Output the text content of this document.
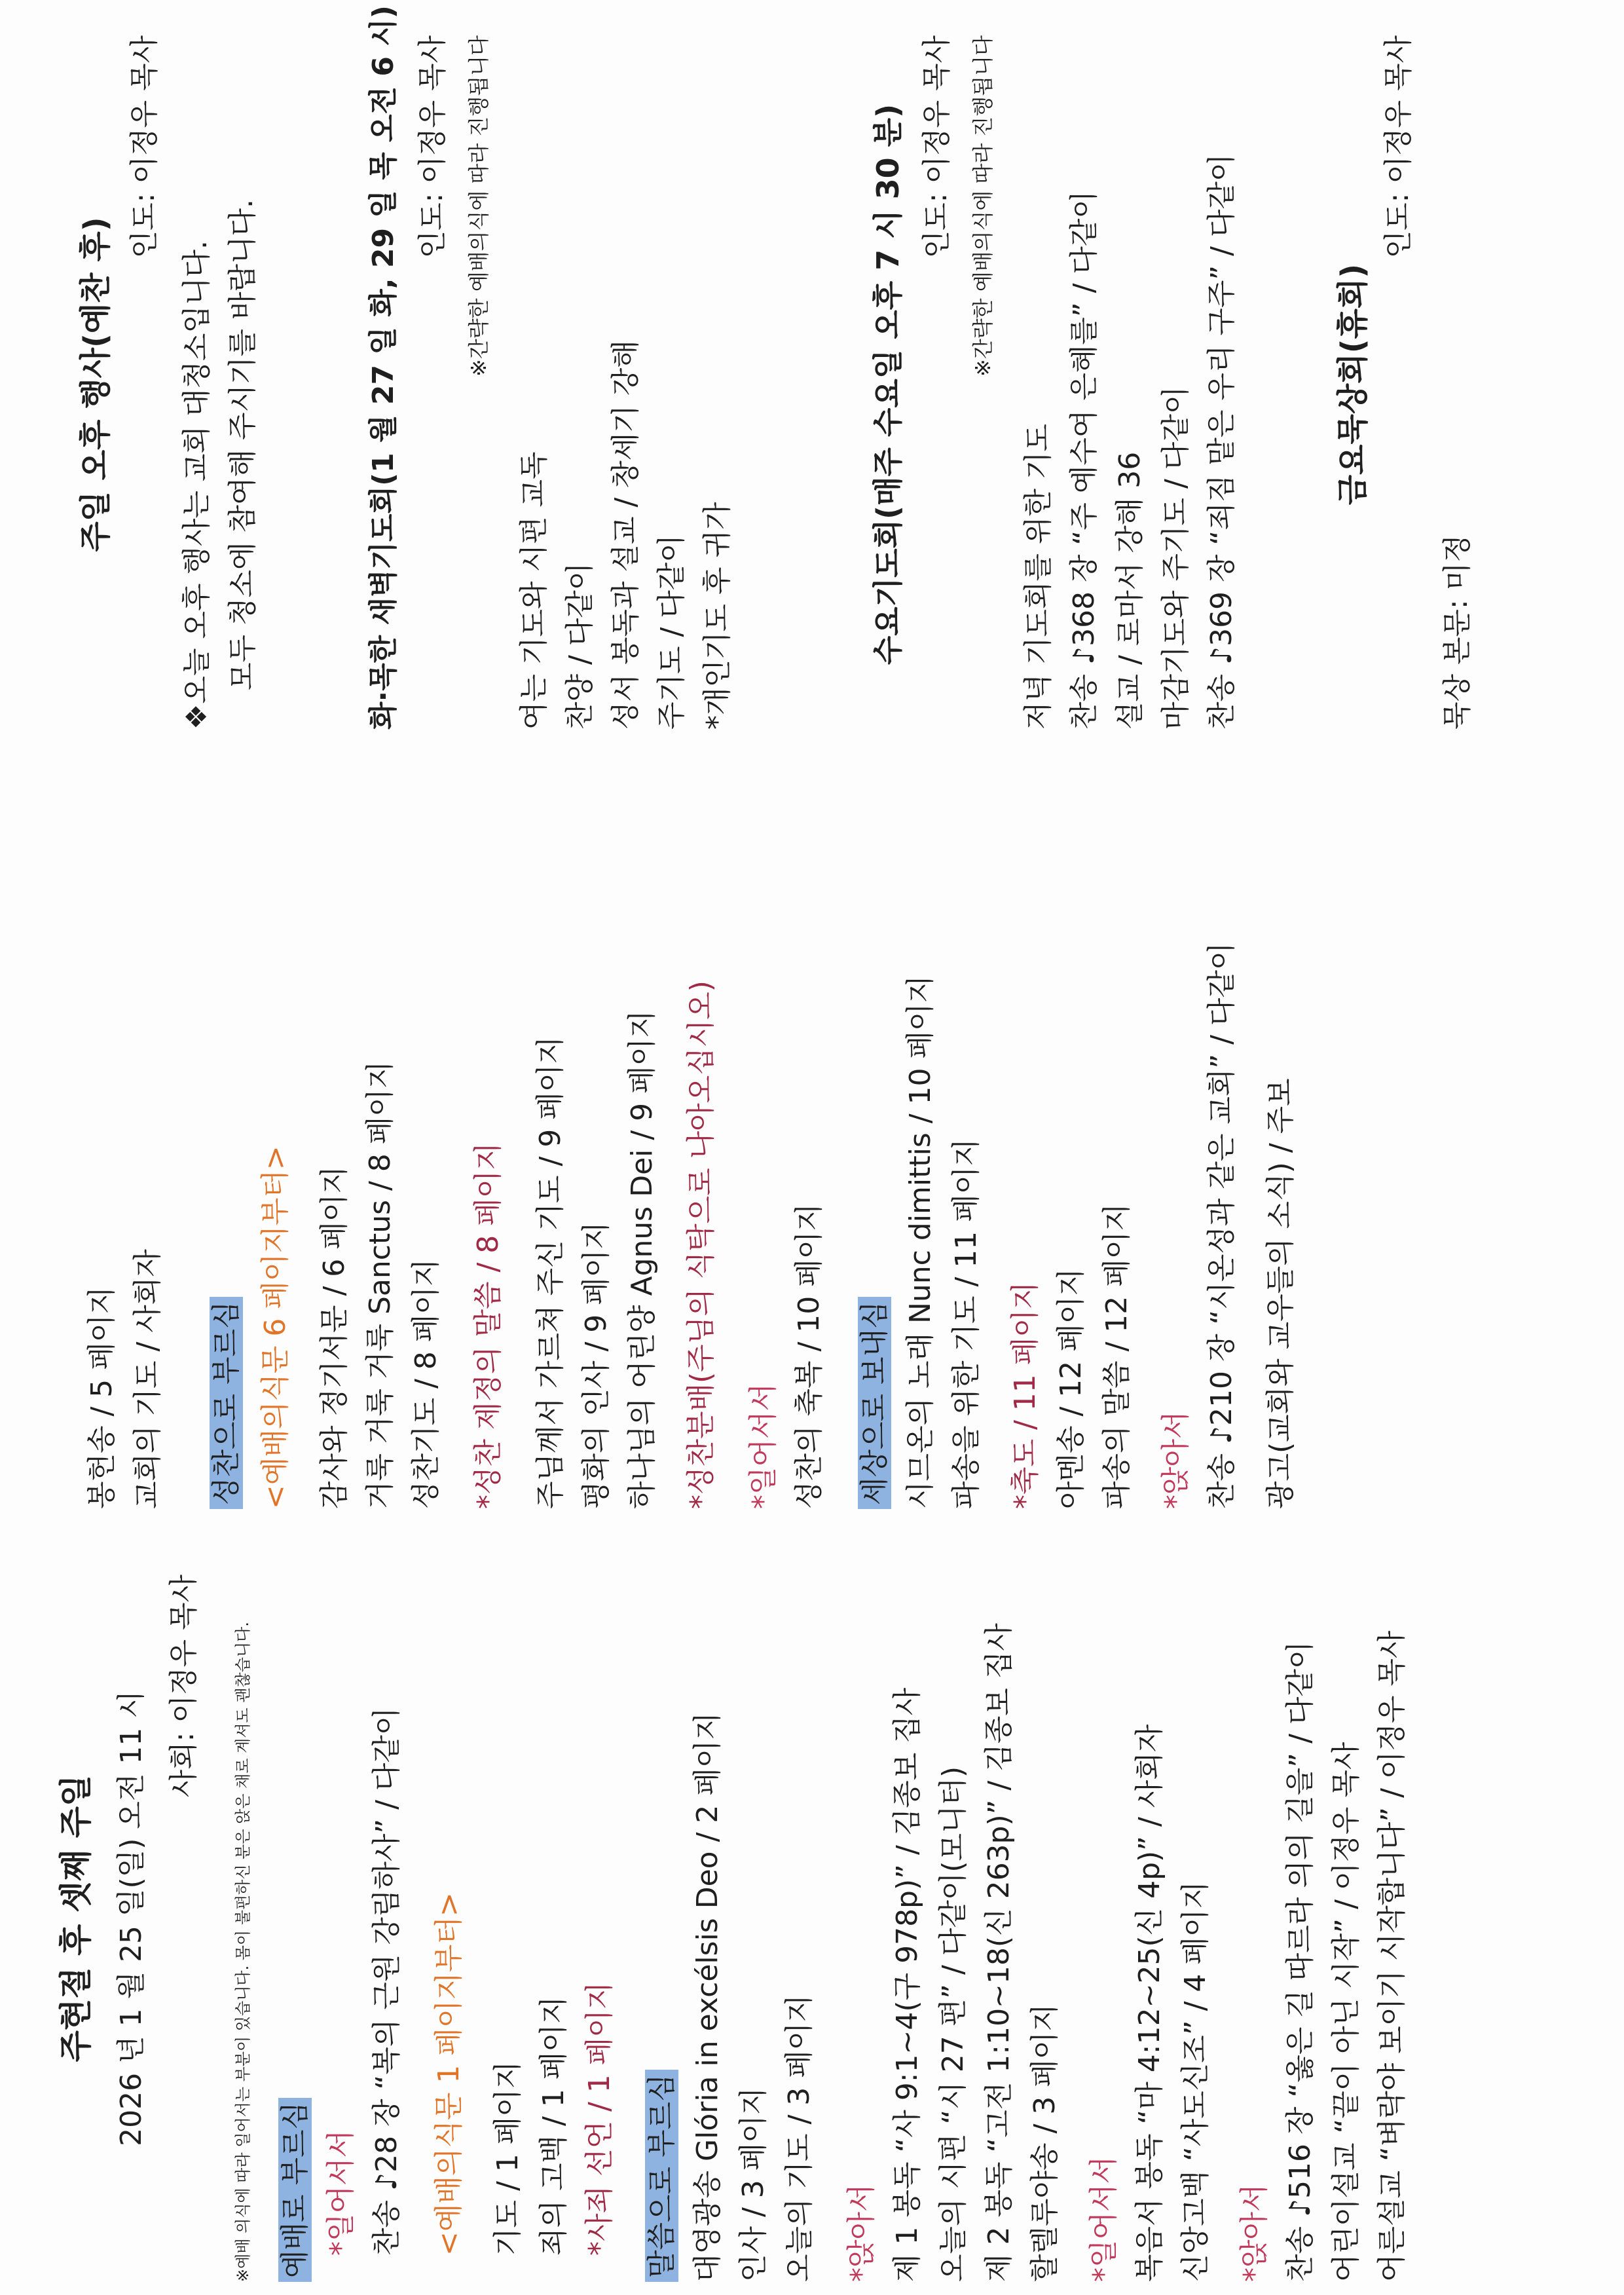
주현절 후 셋째 주일 2026 년 1 월 25 일(일) 오전 11 시
사회: 이정우 목사	※예배 의식에 따라 일어서는 부분이 있습니다. 몸이 불편하신 분은 앉은 채로 계셔도 괜찮습니다. 예배로 부르심 *일어서서 찬송 ♪28 장 “복의 근원 강림하사” / 다같이 <예배의식문 1 페이지부터> 기도 / 1 페이지 죄의 고백 / 1 페이지 *사죄 선언 / 1 페이지 말씀으로 부르심 대영광송 Glória in excélsis Deo / 2 페이지 인사 / 3 페이지 오늘의 기도 / 3 페이지 *앉아서 제 1 봉독 “사 9:1~4(구 978p)” / 김종보 집사 오늘의 시편 “시 27 편” / 다같이(모니터) 제 2 봉독 “고전 1:10~18(신 263p)” / 김종보 집사 할렐루야송 / 3 페이지 *일어서서 복음서 봉독 “마 4:12~25(신 4p)” / 사회자 신앙고백 “사도신조” / 4 페이지 *앉아서 찬송 ♪516 장 “옳은 길 따르라 의의 길을” / 다같이 어린이설교 “끝이 아닌 시작” / 이정우 목사 어른설교 “벼락야 보이기 시작합니다” / 이정우 목사
봉헌송 / 5 페이지 교회의 기도 / 사회자 성찬으로 부르심 <예배의식문 6 페이지부터> 감사와 정기서문 / 6 페이지 거룩 거룩 거룩 Sanctus / 8 페이지 성찬기도 / 8 페이지 *성찬 제정의 말씀 / 8 페이지 주님께서 가르쳐 주신 기도 / 9 페이지 평화의 인사 / 9 페이지 하나님의 어린양 Agnus Dei / 9 페이지 *성찬분배(주님의 식탁으로 나아오십시오) *일어서서 성찬의 축복 / 10 페이지 세상으로 보내심 시므온의 노래 Nunc dimittis / 10 페이지 파송을 위한 기도 / 11 페이지 *축도 / 11 페이지 아멘송 / 12 페이지 파송의 말씀 / 12 페이지 *앉아서 찬송 ♪210 장 “시온성과 같은 교회” / 다같이 광고(교회와 교우들의 소식) / 주보
주일 오후 행사(예찬 후)
인도: 이정우 목사
❖오늘 오후 행사는 교회 대청소입니다. 모두 청소에 참여해 주시기를 바랍니다.	화·목한 새벽기도회(1 월 27 일 화, 29 일 목 오전 6 시) 인도: 이정우 목사 ※간략한 예배의식에 따라 진행됩니다
여는 기도와 시편 교독 찬양 / 다같이 성서 봉독과 설교 / 창세기 강해 주기도 / 다같이 *개인기도 후 귀가	수요기도회(매주 수요일 오후 7 시 30 분) 인도: 이정우 목사 ※간략한 예배의식에 따라 진행됩니다
저녁 기도회를 위한 기도 찬송 ♪368 장 “주 예수여 은혜를” / 다같이 설교 / 로마서 강해 36 마감기도와 주기도 / 다같이 찬송 ♪369 장 “죄짐 맡은 우리 구주” / 다같이	금요묵상회(휴회)
인도: 이정우 목사
묵상 본문: 미정
